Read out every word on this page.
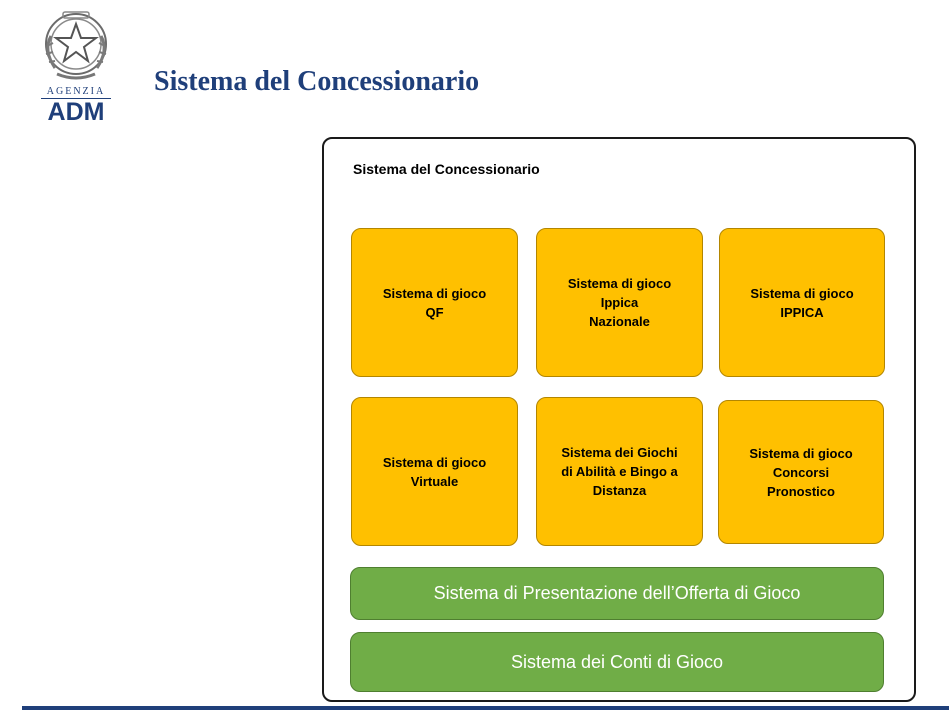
AGENZIA
ADM
Sistema del Concessionario
Sistema del Concessionario
Sistema di gioco
QF
Sistema di gioco
Ippica
Nazionale
Sistema di gioco
IPPICA
Sistema di gioco
Virtuale
Sistema dei Giochi
di Abilità e Bingo a
Distanza
Sistema di gioco
Concorsi
Pronostico
Sistema di Presentazione dell’Offerta di Gioco
Sistema dei Conti di Gioco
